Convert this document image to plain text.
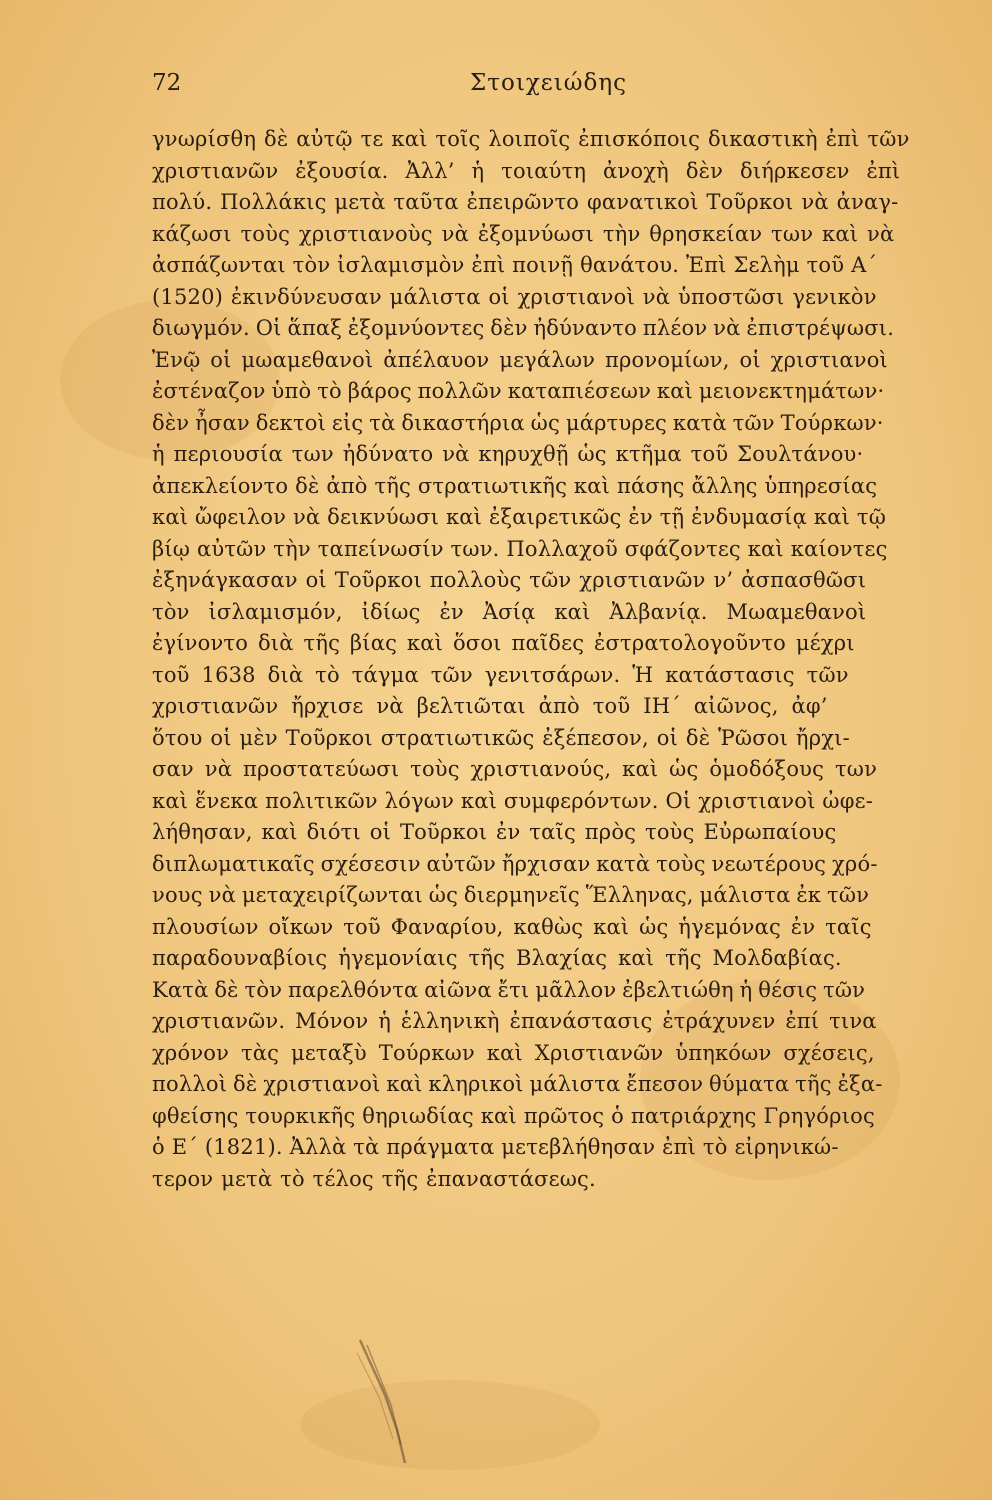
72	Στοιχειώδης
γνωρίσθη δὲ αὐτῷ τε καὶ τοῖς λοιποῖς ἐπισκόποις δικαστικὴ ἐπὶ τῶν
χριστιανῶν ἐξουσία. Ἀλλ’ ἡ τοιαύτη ἀνοχὴ δὲν διήρκεσεν ἐπὶ
πολύ. Πολλάκις μετὰ ταῦτα ἐπειρῶντο φανατικοὶ Τοῦρκοι νὰ ἀναγ-
κάζωσι τοὺς χριστιανοὺς νὰ ἐξομνύωσι τὴν θρησκείαν των καὶ νὰ
ἀσπάζωνται τὸν ἰσλαμισμὸν ἐπὶ ποινῇ θανάτου. Ἐπὶ Σελὴμ τοῦ Α΄
(1520) ἐκινδύνευσαν μάλιστα οἱ χριστιανοὶ νὰ ὑποστῶσι γενικὸν
διωγμόν. Οἱ ἅπαξ ἐξομνύοντες δὲν ἠδύναντο πλέον νὰ ἐπιστρέψωσι.
Ἐνῷ οἱ μωαμεθανοὶ ἀπέλαυον μεγάλων προνομίων, οἱ χριστιανοὶ
ἐστέναζον ὑπὸ τὸ βάρος πολλῶν καταπιέσεων καὶ μειονεκτημάτων·
δὲν ἦσαν δεκτοὶ εἰς τὰ δικαστήρια ὡς μάρτυρες κατὰ τῶν Τούρκων·
ἡ περιουσία των ἠδύνατο νὰ κηρυχθῇ ὡς κτῆμα τοῦ Σουλτάνου·
ἀπεκλείοντο δὲ ἀπὸ τῆς στρατιωτικῆς καὶ πάσης ἄλλης ὑπηρεσίας
καὶ ὤφειλον νὰ δεικνύωσι καὶ ἐξαιρετικῶς ἐν τῇ ἐνδυμασίᾳ καὶ τῷ
βίῳ αὐτῶν τὴν ταπείνωσίν των. Πολλαχοῦ σφάζοντες καὶ καίοντες
ἐξηνάγκασαν οἱ Τοῦρκοι πολλοὺς τῶν χριστιανῶν ν’ ἀσπασθῶσι
τὸν ἰσλαμισμόν, ἰδίως ἐν Ἀσίᾳ καὶ Ἀλβανίᾳ. Μωαμεθανοὶ
ἐγίνοντο διὰ τῆς βίας καὶ ὅσοι παῖδες ἐστρατολογοῦντο μέχρι
τοῦ 1638 διὰ τὸ τάγμα τῶν γενιτσάρων. Ἡ κατάστασις τῶν
χριστιανῶν ἤρχισε νὰ βελτιῶται ἀπὸ τοῦ ΙΗ΄ αἰῶνος, ἀφ’
ὅτου οἱ μὲν Τοῦρκοι στρατιωτικῶς ἐξέπεσον, οἱ δὲ Ῥῶσοι ἤρχι-
σαν νὰ προστατεύωσι τοὺς χριστιανούς, καὶ ὡς ὁμοδόξους των
καὶ ἕνεκα πολιτικῶν λόγων καὶ συμφερόντων. Οἱ χριστιανοὶ ὠφε-
λήθησαν, καὶ διότι οἱ Τοῦρκοι ἐν ταῖς πρὸς τοὺς Εὐρωπαίους
διπλωματικαῖς σχέσεσιν αὐτῶν ἤρχισαν κατὰ τοὺς νεωτέρους χρό-
νους νὰ μεταχειρίζωνται ὡς διερμηνεῖς Ἕλληνας, μάλιστα ἐκ τῶν
πλουσίων οἴκων τοῦ Φαναρίου, καθὼς καὶ ὡς ἡγεμόνας ἐν ταῖς
παραδουναβίοις ἡγεμονίαις τῆς Βλαχίας καὶ τῆς Μολδαβίας.
Κατὰ δὲ τὸν παρελθόντα αἰῶνα ἔτι μᾶλλον ἐβελτιώθη ἡ θέσις τῶν
χριστιανῶν. Μόνον ἡ ἑλληνικὴ ἐπανάστασις ἐτράχυνεν ἐπί τινα
χρόνον τὰς μεταξὺ Τούρκων καὶ Χριστιανῶν ὑπηκόων σχέσεις,
πολλοὶ δὲ χριστιανοὶ καὶ κληρικοὶ μάλιστα ἔπεσον θύματα τῆς ἐξα-
φθείσης τουρκικῆς θηριωδίας καὶ πρῶτος ὁ πατριάρχης Γρηγόριος
ὁ Ε΄ (1821). Ἀλλὰ τὰ πράγματα μετεβλήθησαν ἐπὶ τὸ εἰρηνικώ-
τερον μετὰ τὸ τέλος τῆς ἐπαναστάσεως.
